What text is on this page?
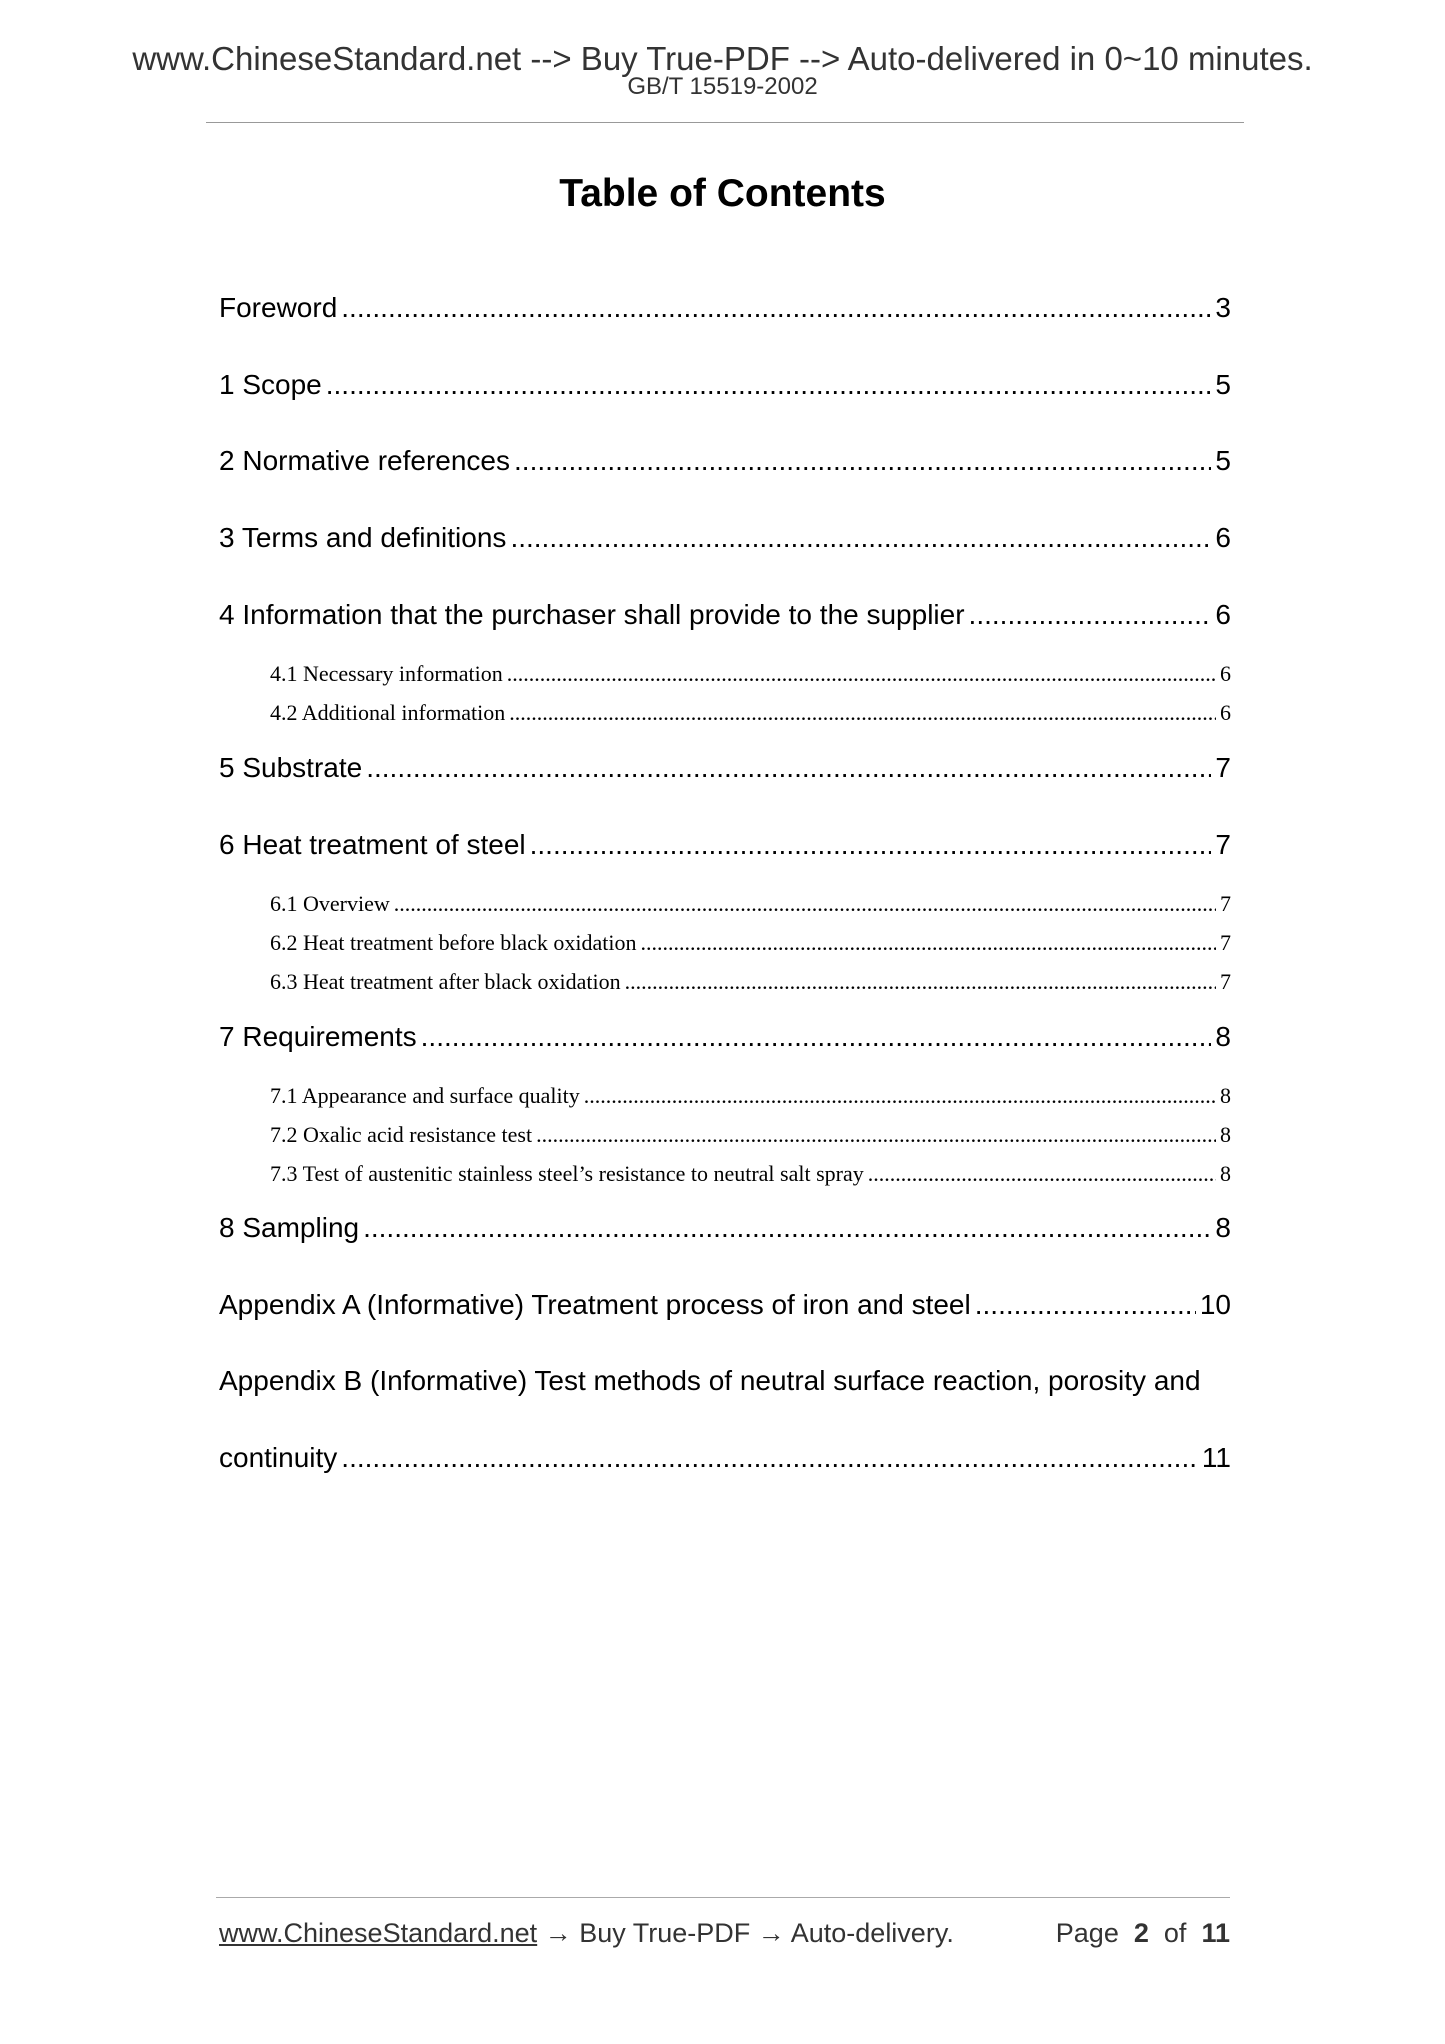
www.ChineseStandard.net --> Buy True-PDF --> Auto-delivered in 0~10 minutes.
GB/T 15519-2002
Table of Contents
Foreword .....	3
1 Scope .....	5
2 Normative references .....	5
3 Terms and definitions .....	6
4 Information that the purchaser shall provide to the supplier .....	6
4.1 Necessary information .....	6
4.2 Additional information .....	6
5 Substrate .....	7
6 Heat treatment of steel .....	7
6.1 Overview .....	7
6.2 Heat treatment before black oxidation .....	7
6.3 Heat treatment after black oxidation .....	7
7 Requirements .....	8
7.1 Appearance and surface quality .....	8
7.2 Oxalic acid resistance test .....	8
7.3 Test of austenitic stainless steel’s resistance to neutral salt spray .....	8
8 Sampling .....	8
Appendix A (Informative) Treatment process of iron and steel .....	10
Appendix B (Informative) Test methods of neutral surface reaction, porosity and
continuity .....	11
www.ChineseStandard.net → Buy True-PDF → Auto-delivery.	Page 2 of 11
